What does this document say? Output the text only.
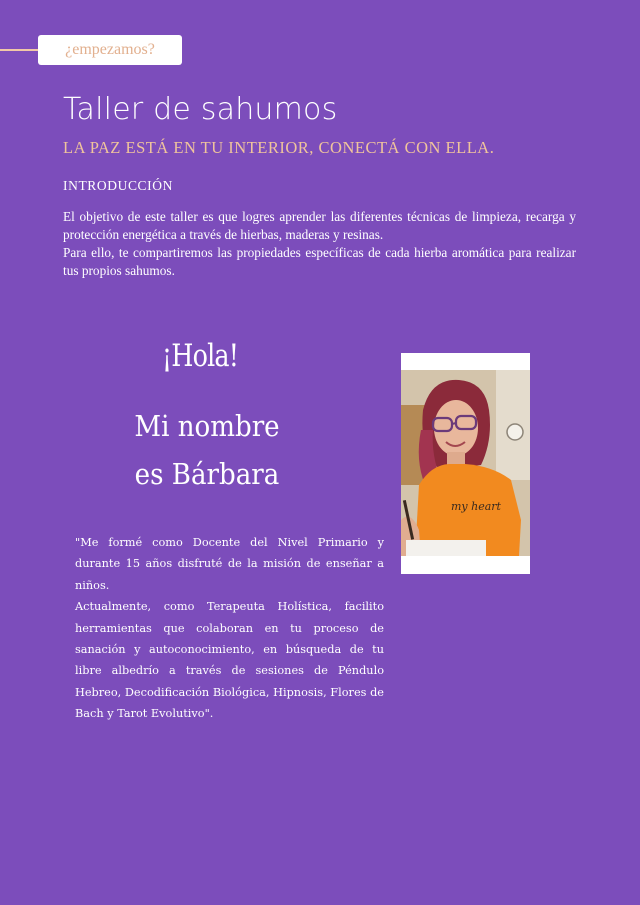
¿empezamos?
Taller de sahumos
LA PAZ ESTÁ EN TU INTERIOR, CONECTÁ CON ELLA.
INTRODUCCIÓN

El objetivo de este taller es que logres aprender las diferentes técnicas de limpieza, recarga y protección energética a través de hierbas, maderas y resinas.

Para ello, te compartiremos las propiedades específicas de cada hierba aromática para realizar tus propios sahumos.

¡Hola!
Mi nombre
es Bárbara

"Me formé como Docente del Nivel Primario y durante 15 años disfruté de la misión de enseñar a niños.

Actualmente, como Terapeuta Holística, facilito herramientas que colaboran en tu proceso de sanación y autoconocimiento, en búsqueda de tu libre albedrío a través de sesiones de Péndulo Hebreo, Decodificación Biológica, Hipnosis, Flores de Bach y Tarot Evolutivo".

my heart
